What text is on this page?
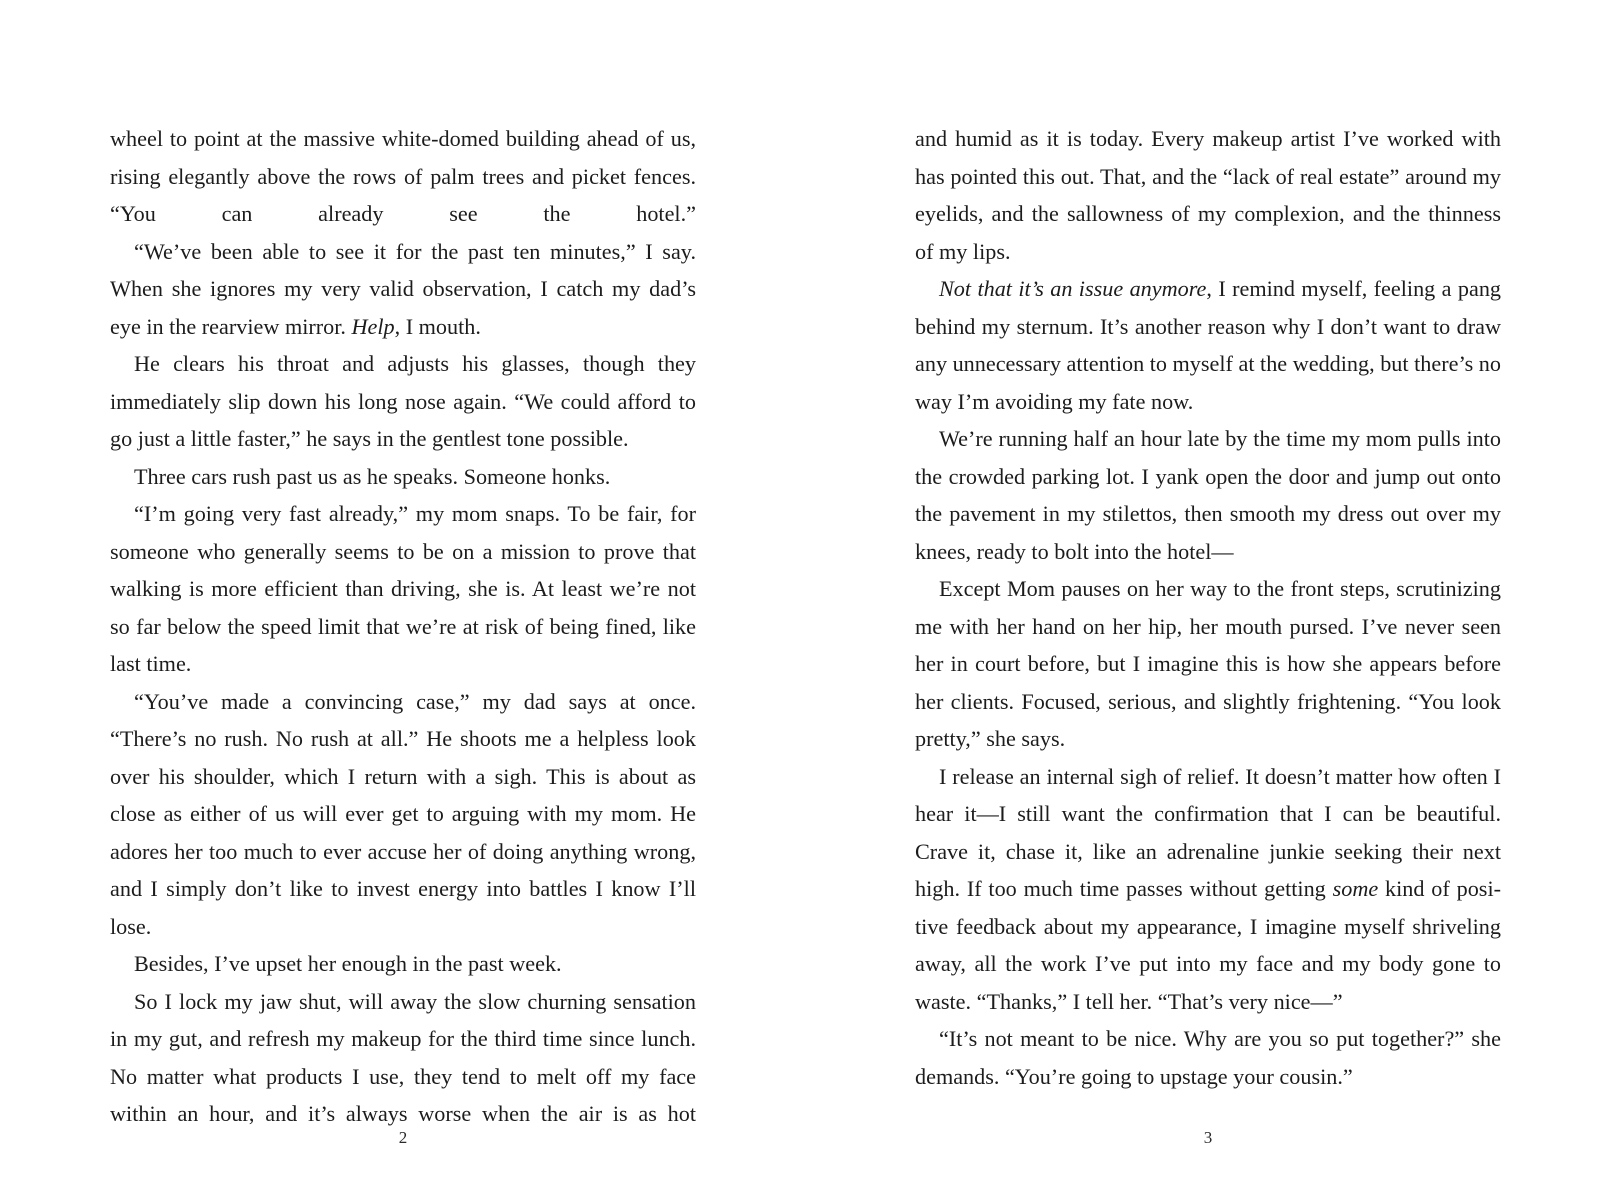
wheel to point at the massive white-domed building ahead of us, rising elegantly above the rows of palm trees and picket fences. “You can already see the hotel.”

“We’ve been able to see it for the past ten minutes,” I say. When she ignores my very valid observation, I catch my dad’s eye in the rearview mirror. Help, I mouth.

He clears his throat and adjusts his glasses, though they immediately slip down his long nose again. “We could afford to go just a little faster,” he says in the gentlest tone possible.

Three cars rush past us as he speaks. Someone honks.

“I’m going very fast already,” my mom snaps. To be fair, for someone who generally seems to be on a mission to prove that walking is more efficient than driving, she is. At least we’re not so far below the speed limit that we’re at risk of being fined, like last time.

“You’ve made a convincing case,” my dad says at once. “There’s no rush. No rush at all.” He shoots me a helpless look over his shoulder, which I return with a sigh. This is about as close as either of us will ever get to arguing with my mom. He adores her too much to ever accuse her of doing anything wrong, and I simply don’t like to invest energy into battles I know I’ll lose.

Besides, I’ve upset her enough in the past week.

So I lock my jaw shut, will away the slow churning sensation in my gut, and refresh my makeup for the third time since lunch. No matter what products I use, they tend to melt off my face within an hour, and it’s always worse when the air is as hot

and humid as it is today. Every makeup artist I’ve worked with has pointed this out. That, and the “lack of real estate” around my eyelids, and the sallowness of my complexion, and the thinness of my lips.

Not that it’s an issue anymore, I remind myself, feeling a pang behind my sternum. It’s another reason why I don’t want to draw any unnecessary attention to myself at the wedding, but there’s no way I’m avoiding my fate now.

We’re running half an hour late by the time my mom pulls into the crowded parking lot. I yank open the door and jump out onto the pavement in my stilettos, then smooth my dress out over my knees, ready to bolt into the hotel—

Except Mom pauses on her way to the front steps, scrutinizing me with her hand on her hip, her mouth pursed. I’ve never seen her in court before, but I imagine this is how she appears before her clients. Focused, serious, and slightly frightening. “You look pretty,” she says.

I release an internal sigh of relief. It doesn’t matter how often I hear it—I still want the confirmation that I can be beautiful. Crave it, chase it, like an adrenaline junkie seeking their next high. If too much time passes without getting some kind of positive feedback about my appearance, I imagine myself shriveling away, all the work I’ve put into my face and my body gone to waste. “Thanks,” I tell her. “That’s very nice—”

“It’s not meant to be nice. Why are you so put together?” she demands. “You’re going to upstage your cousin.”

2	3
